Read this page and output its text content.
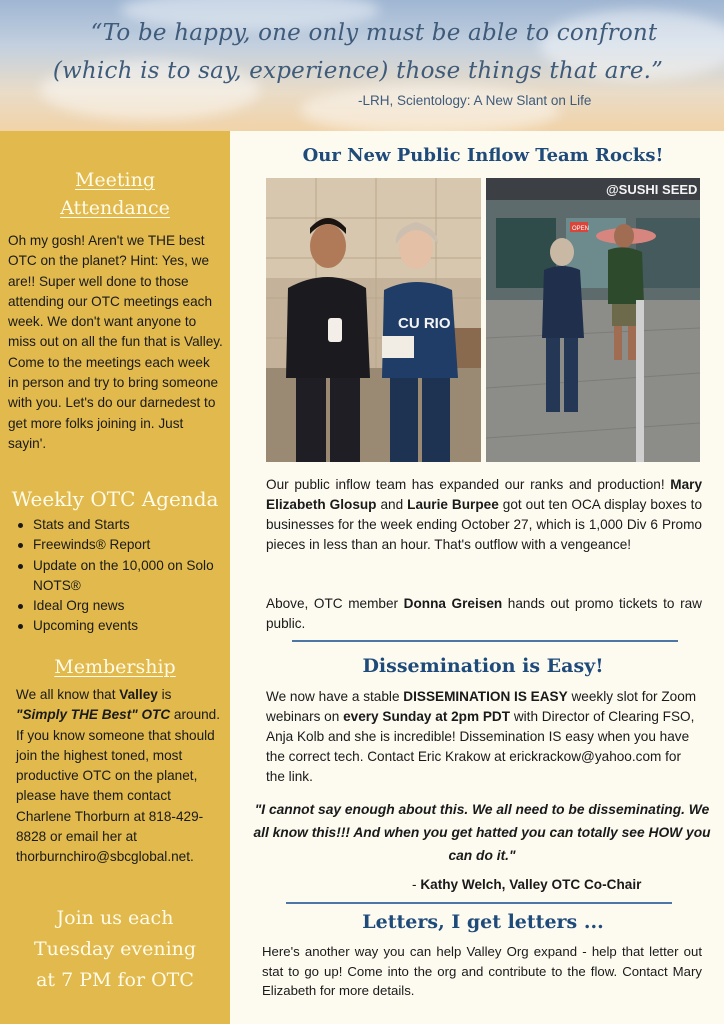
“To be happy, one only must be able to confront
(which is to say, experience) those things that are.”
-LRH, Scientology: A New Slant on Life
Meeting
Attendance
Oh my gosh! Aren't we THE best OTC on the planet? Hint: Yes, we are!! Super well done to those attending our OTC meetings each week. We don't want anyone to miss out on all the fun that is Valley. Come to the meetings each week in person and try to bring someone with you. Let's do our darnedest to get more folks joining in. Just sayin'.
Weekly OTC Agenda
Stats and Starts
Freewinds® Report
Update on the 10,000 on Solo NOTS®
Ideal Org news
Upcoming events
Membership
We all know that Valley is
"Simply THE Best" OTC around. If you know someone that should join the highest toned, most productive OTC on the planet, please have them contact Charlene Thorburn at 818-429-8828 or email her at thorburnchiro@sbcglobal.net.
Join us each
Tuesday evening
at 7 PM for OTC
Our New Public Inflow Team Rocks!
CU RIO
@SUSHI SEED
OPEN
Our public inflow team has expanded our ranks and production! Mary Elizabeth Glosup and Laurie Burpee got out ten OCA display boxes to businesses for the week ending October 27, which is 1,000 Div 6 Promo pieces in less than an hour. That's outflow with a vengeance!
Above, OTC member Donna Greisen hands out promo tickets to raw public.
Dissemination is Easy!
We now have a stable DISSEMINATION IS EASY weekly slot for Zoom webinars on every Sunday at 2pm PDT with Director of Clearing FSO, Anja Kolb and she is incredible! Dissemination IS easy when you have the correct tech. Contact Eric Krakow at erickrackow@yahoo.com for the link.
"I cannot say enough about this. We all need to be disseminating. We all know this!!! And when you get hatted you can totally see HOW you can do it."
- Kathy Welch, Valley OTC Co-Chair
Letters, I get letters ...
Here's another way you can help Valley Org expand - help that letter out stat to go up! Come into the org and contribute to the flow. Contact Mary Elizabeth for more details.
